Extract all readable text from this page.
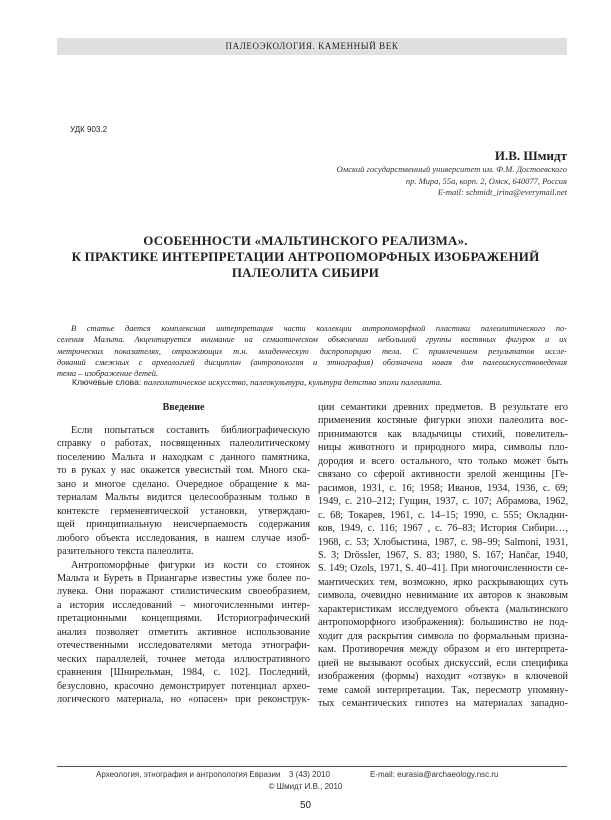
ПАЛЕОЭКОЛОГИЯ. КАМЕННЫЙ ВЕК
УДК 903.2
И.В. Шмидт
Омский государственный университет им. Ф.М. Достоевского
пр. Мира, 55а, корп. 2, Омск, 640077, Россия
E-mail: schmidt_irina@everymail.net
ОСОБЕННОСТИ «МАЛЬТИНСКОГО РЕАЛИЗМА».
К ПРАКТИКЕ ИНТЕРПРЕТАЦИИ АНТРОПОМОРФНЫХ ИЗОБРАЖЕНИЙ
ПАЛЕОЛИТА СИБИРИ
В статье дается комплексная интерпретация части коллекции антропоморфной пластики палеолитического по-
селения Мальта. Акцентируется внимание на семиотическом объяснении небольшой группы костяных фигурок и их
метрических показателях, отражающих т.н. младенческую диспропорцию тела. С привлечением результатов иссле-
дований смежных с археологией дисциплин (антропология и этнография) обозначена новая для палеоискусствоведения
тема – изображение детей.
Ключевые слова: палеолитическое искусство, палеокультура, культура детства эпохи палеолита.
Введение
Если попытаться составить библиографическую
справку о работах, посвященных палеолитическому
поселению Мальта и находкам с данного памятника,
то в руках у нас окажется увесистый том. Много ска-
зано и многое сделано. Очередное обращение к ма-
териалам Мальты видится целесообразным только в
контексте герменевтической установки, утверждаю-
щей принципиальную неисчерпаемость содержания
любого объекта исследования, в нашем случае изоб-
разительного текста палеолита.
Антропоморфные фигурки из кости со стоянок
Мальта и Буреть в Приангарье известны уже более по-
лувека. Они поражают стилистическим своеобразием,
а история исследований – многочисленными интер-
претационными концепциями. Историографический
анализ позволяет отметить активное использование
отечественными исследователями метода этнографи-
ческих параллелей, точнее метода иллюстративного
сравнения [Шнирельман, 1984, с. 102]. Последний,
безусловно, красочно демонстрирует потенциал архео-
логического материала, но «опасен» при реконструк-
ции семантики древних предметов. В результате его
применения костяные фигурки эпохи палеолита вос-
принимаются как владычицы стихий, повелитель-
ницы животного и природного мира, символы пло-
дородия и всего остального, что только может быть
связано со сферой активности зрелой женщины [Ге-
расимов, 1931, с. 16; 1958; Иванов, 1934, 1936, с. 69;
1949, с. 210–212; Гущин, 1937, с. 107; Абрамова, 1962,
с. 68; Токарев, 1961, с. 14–15; 1990, с. 555; Окладни-
ков, 1949, с. 116; 1967 , с. 76–83; История Сибири…,
1968, с. 53; Хлобыстина, 1987, с. 98–99; Salmoni, 1931,
S. 3; Drössler, 1967, S. 83; 1980, S. 167; Hančar, 1940,
S. 149; Ozols, 1971, S. 40–41]. При многочисленности се-
мантических тем, возможно, ярко раскрывающих суть
символа, очевидно невнимание их авторов к знаковым
характеристикам исследуемого объекта (мальтинского
антропоморфного изображения): большинство не под-
ходит для раскрытия символа по формальным призна-
кам. Противоречия между образом и его интерпрета-
цией не вызывают особых дискуссий, если специфика
изображения (формы) находит «отзвук» в ключевой
теме самой интерпретации. Так, пересмотр упомяну-
тых семантических гипотез на материалах западно-
Археология, этнография и антропология Евразии 3 (43) 2010	E-mail: eurasia@archaeology.nsc.ru
© Шмидт И.В., 2010
50
